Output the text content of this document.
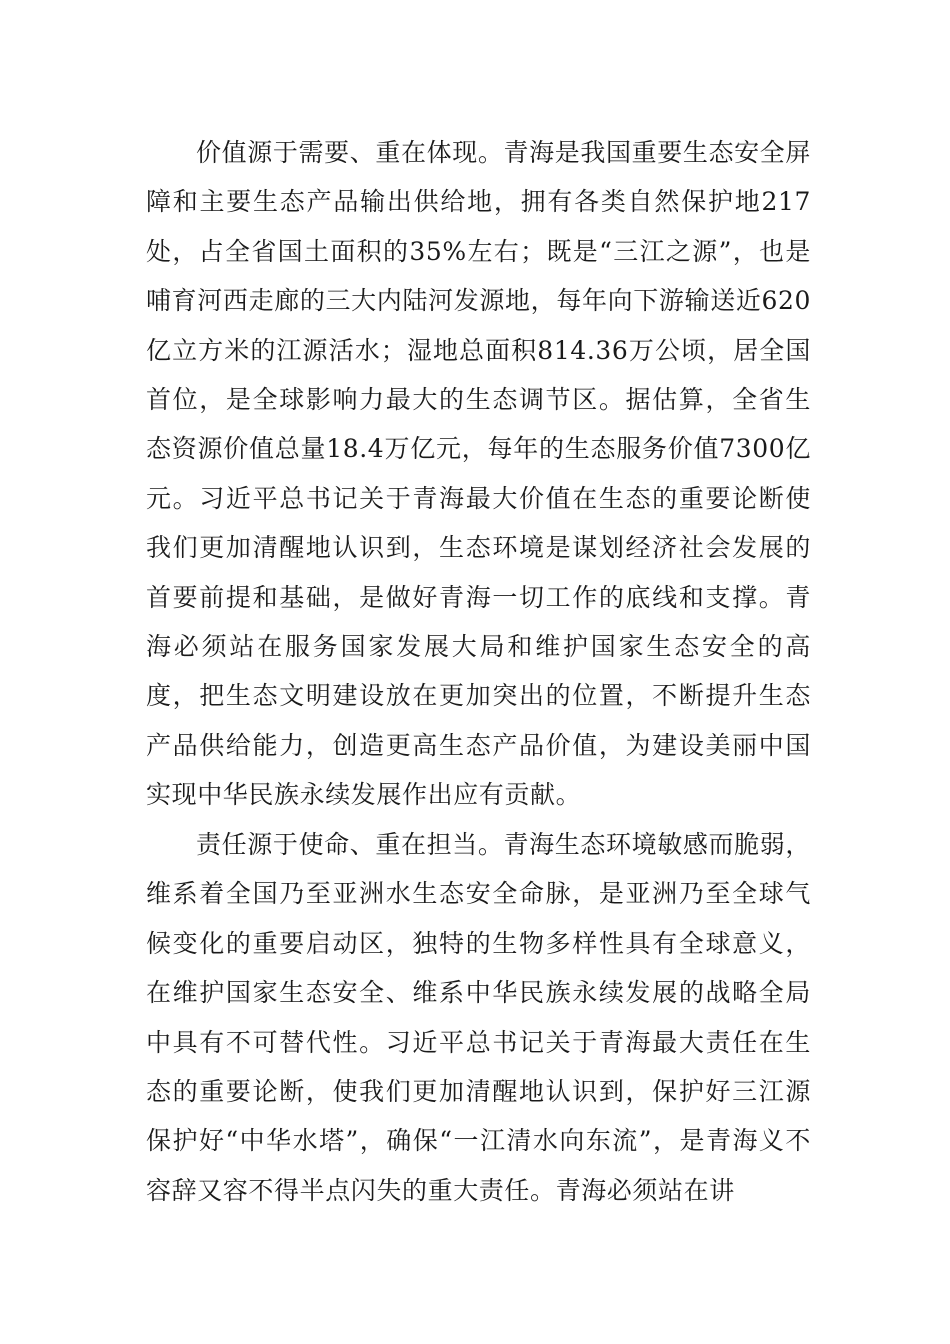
价值源于需要、重在体现。青海是我国重要生态安全屏障和主要生态产品输出供给地，拥有各类自然保护地217处，占全省国土面积的35%左右；既是“三江之源”，也是哺育河西走廊的三大内陆河发源地，每年向下游输送近620亿立方米的江源活水；湿地总面积814.36万公顷，居全国首位，是全球影响力最大的生态调节区。据估算，全省生态资源价值总量18.4万亿元，每年的生态服务价值7300亿元。习近平总书记关于青海最大价值在生态的重要论断使我们更加清醒地认识到，生态环境是谋划经济社会发展的首要前提和基础，是做好青海一切工作的底线和支撑。青海必须站在服务国家发展大局和维护国家生态安全的高度，把生态文明建设放在更加突出的位置，不断提升生态产品供给能力，创造更高生态产品价值，为建设美丽中国实现中华民族永续发展作出应有贡献。

责任源于使命、重在担当。青海生态环境敏感而脆弱，维系着全国乃至亚洲水生态安全命脉，是亚洲乃至全球气候变化的重要启动区，独特的生物多样性具有全球意义，在维护国家生态安全、维系中华民族永续发展的战略全局中具有不可替代性。习近平总书记关于青海最大责任在生态的重要论断，使我们更加清醒地认识到，保护好三江源保护好“中华水塔”，确保“一江清水向东流”，是青海义不容辞又容不得半点闪失的重大责任。青海必须站在讲
